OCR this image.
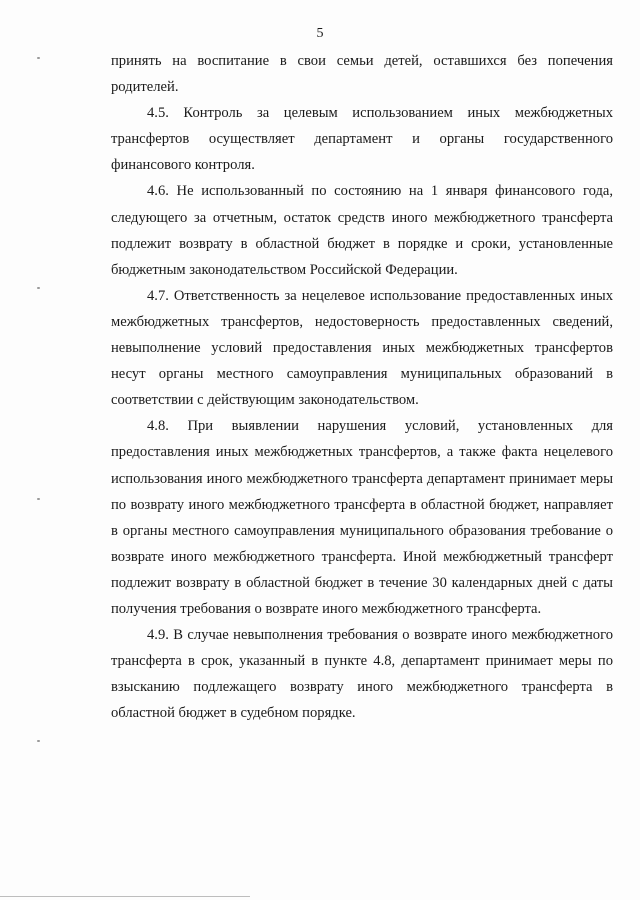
5

принять на воспитание в свои семьи детей, оставшихся без попечения родителей.

4.5. Контроль за целевым использованием иных межбюджетных трансфертов осуществляет департамент и органы государственного финансового контроля.

4.6. Не использованный по состоянию на 1 января финансового года, следующего за отчетным, остаток средств иного межбюджетного трансферта подлежит возврату в областной бюджет в порядке и сроки, установленные бюджетным законодательством Российской Федерации.

4.7. Ответственность за нецелевое использование предоставленных иных межбюджетных трансфертов, недостоверность предоставленных сведений, невыполнение условий предоставления иных межбюджетных трансфертов несут органы местного самоуправления муниципальных образований в соответствии с действующим законодательством.

4.8. При выявлении нарушения условий, установленных для предоставления иных межбюджетных трансфертов, а также факта нецелевого использования иного межбюджетного трансферта департамент принимает меры по возврату иного межбюджетного трансферта в областной бюджет, направляет в органы местного самоуправления муниципального образования требование о возврате иного межбюджетного трансферта. Иной межбюджетный трансферт подлежит возврату в областной бюджет в течение 30 календарных дней с даты получения требования о возврате иного межбюджетного трансферта.

4.9. В случае невыполнения требования о возврате иного межбюджетного трансферта в срок, указанный в пункте 4.8, департамент принимает меры по взысканию подлежащего возврату иного межбюджетного трансферта в областной бюджет в судебном порядке.
